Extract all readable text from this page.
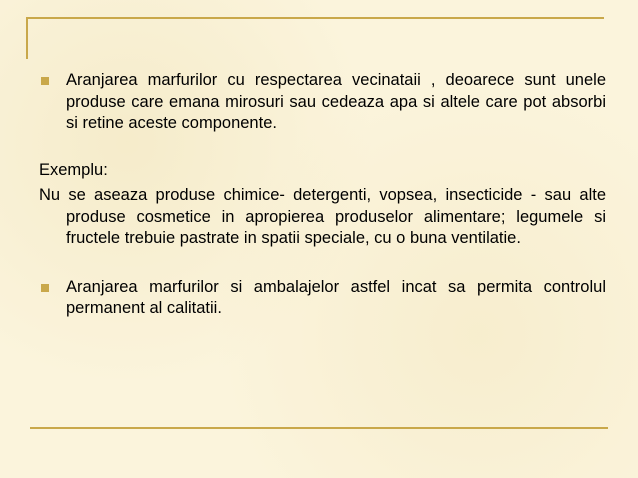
Aranjarea marfurilor cu respectarea vecinataii , deoarece sunt unele produse care emana mirosuri sau cedeaza apa si altele care pot absorbi si retine aceste componente.
Exemplu:
Nu se aseaza produse chimice- detergenti, vopsea, insecticide - sau alte produse cosmetice in apropierea produselor alimentare; legumele si fructele trebuie pastrate in spatii speciale, cu o buna ventilatie.
Aranjarea marfurilor si ambalajelor astfel incat sa permita controlul permanent al calitatii.
